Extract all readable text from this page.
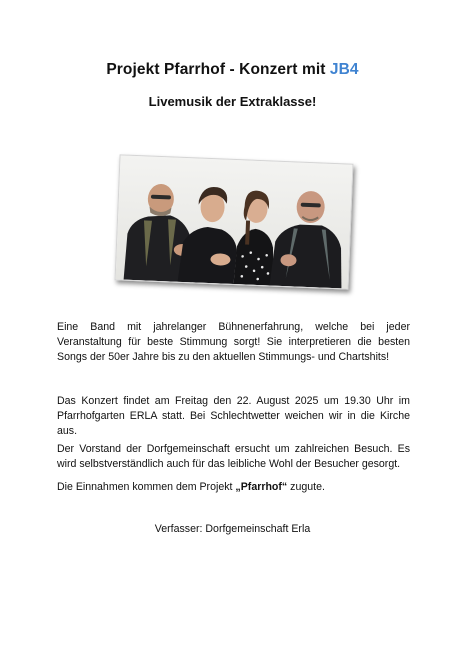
Projekt Pfarrhof - Konzert mit JB4
Livemusik der Extraklasse!
Eine Band mit jahrelanger Bühnenerfahrung, welche bei jeder Veranstaltung für beste Stimmung sorgt! Sie interpretieren die besten Songs der 50er Jahre bis zu den aktuellen Stimmungs- und Chartshits!
Das Konzert findet am Freitag den 22. August 2025 um 19.30 Uhr im Pfarrhofgarten ERLA statt. Bei Schlechtwetter weichen wir in die Kirche aus.
Der Vorstand der Dorfgemeinschaft ersucht um zahlreichen Besuch. Es wird selbstverständlich auch für das leibliche Wohl der Besucher gesorgt.
Die Einnahmen kommen dem Projekt „Pfarrhof“ zugute.
Verfasser: Dorfgemeinschaft Erla
